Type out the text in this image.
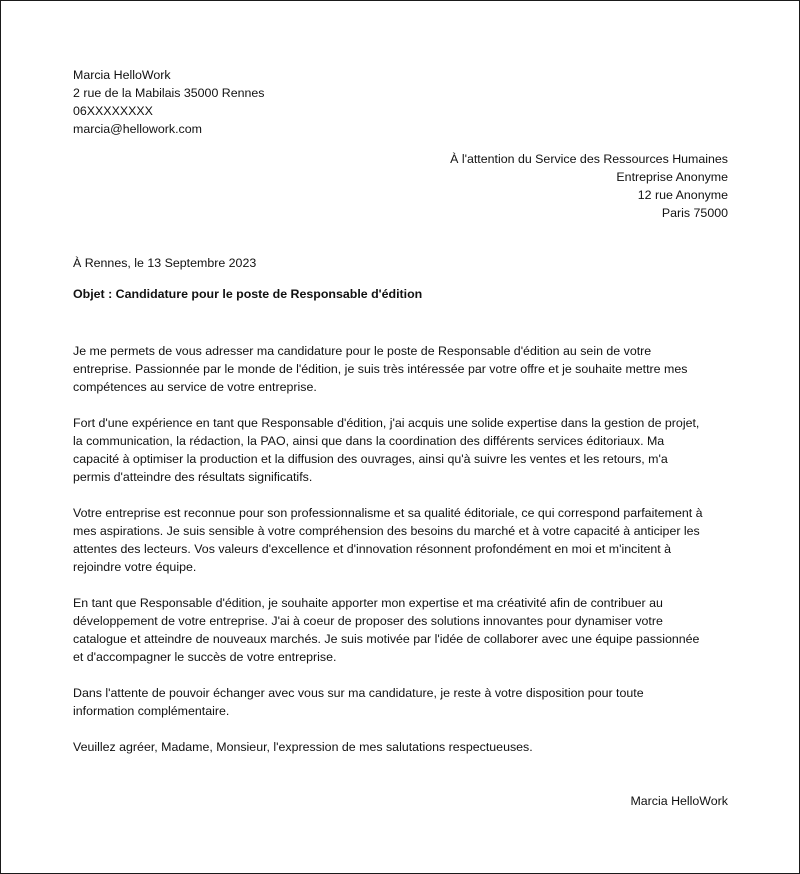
Marcia HelloWork
2 rue de la Mabilais 35000 Rennes
06XXXXXXXX
marcia@hellowork.com
À l'attention du Service des Ressources Humaines
Entreprise Anonyme
12 rue Anonyme
Paris 75000
À Rennes, le 13 Septembre 2023
Objet : Candidature pour le poste de Responsable d'édition
Je me permets de vous adresser ma candidature pour le poste de Responsable d'édition au sein de votre
entreprise. Passionnée par le monde de l'édition, je suis très intéressée par votre offre et je souhaite mettre mes
compétences au service de votre entreprise.
Fort d'une expérience en tant que Responsable d'édition, j'ai acquis une solide expertise dans la gestion de projet,
la communication, la rédaction, la PAO, ainsi que dans la coordination des différents services éditoriaux. Ma
capacité à optimiser la production et la diffusion des ouvrages, ainsi qu'à suivre les ventes et les retours, m'a
permis d'atteindre des résultats significatifs.
Votre entreprise est reconnue pour son professionnalisme et sa qualité éditoriale, ce qui correspond parfaitement à
mes aspirations. Je suis sensible à votre compréhension des besoins du marché et à votre capacité à anticiper les
attentes des lecteurs. Vos valeurs d'excellence et d'innovation résonnent profondément en moi et m'incitent à
rejoindre votre équipe.
En tant que Responsable d'édition, je souhaite apporter mon expertise et ma créativité afin de contribuer au
développement de votre entreprise. J'ai à coeur de proposer des solutions innovantes pour dynamiser votre
catalogue et atteindre de nouveaux marchés. Je suis motivée par l'idée de collaborer avec une équipe passionnée
et d'accompagner le succès de votre entreprise.
Dans l'attente de pouvoir échanger avec vous sur ma candidature, je reste à votre disposition pour toute
information complémentaire.
Veuillez agréer, Madame, Monsieur, l'expression de mes salutations respectueuses.
Marcia HelloWork
